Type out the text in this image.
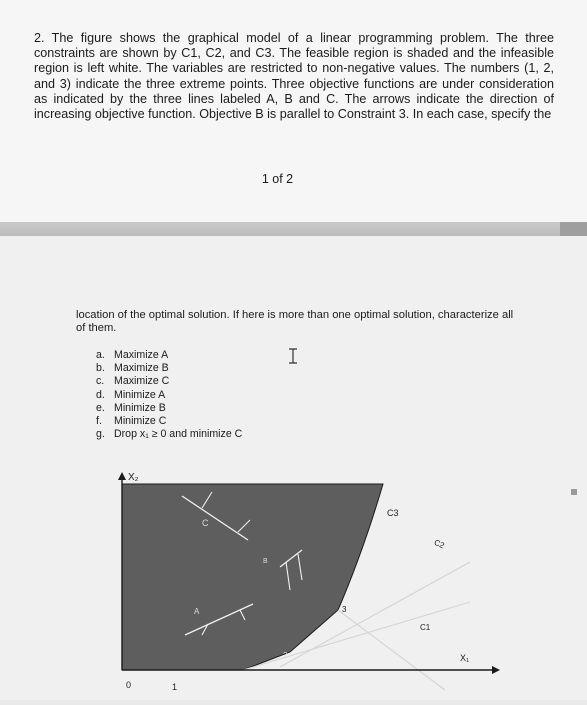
2. The figure shows the graphical model of a linear programming problem. The three constraints are shown by C1, C2, and C3. The feasible region is shaded and the infeasible region is left white. The variables are restricted to non-negative values. The numbers (1, 2, and 3) indicate the three extreme points. Three objective functions are under consideration as indicated by the three lines labeled A, B and C. The arrows indicate the direction of increasing objective function. Objective B is parallel to Constraint 3. In each case, specify the

1 of 2

location of the optimal solution. If here is more than one optimal solution, characterize all of them.

a. Maximize A
b. Maximize B
c. Maximize C
d. Minimize A
e. Minimize B
f. Minimize C
g. Drop x₁ ≥ 0 and minimize C
X₂
X₁
0	1
C3
C2
C1
C
B
A	3
2
